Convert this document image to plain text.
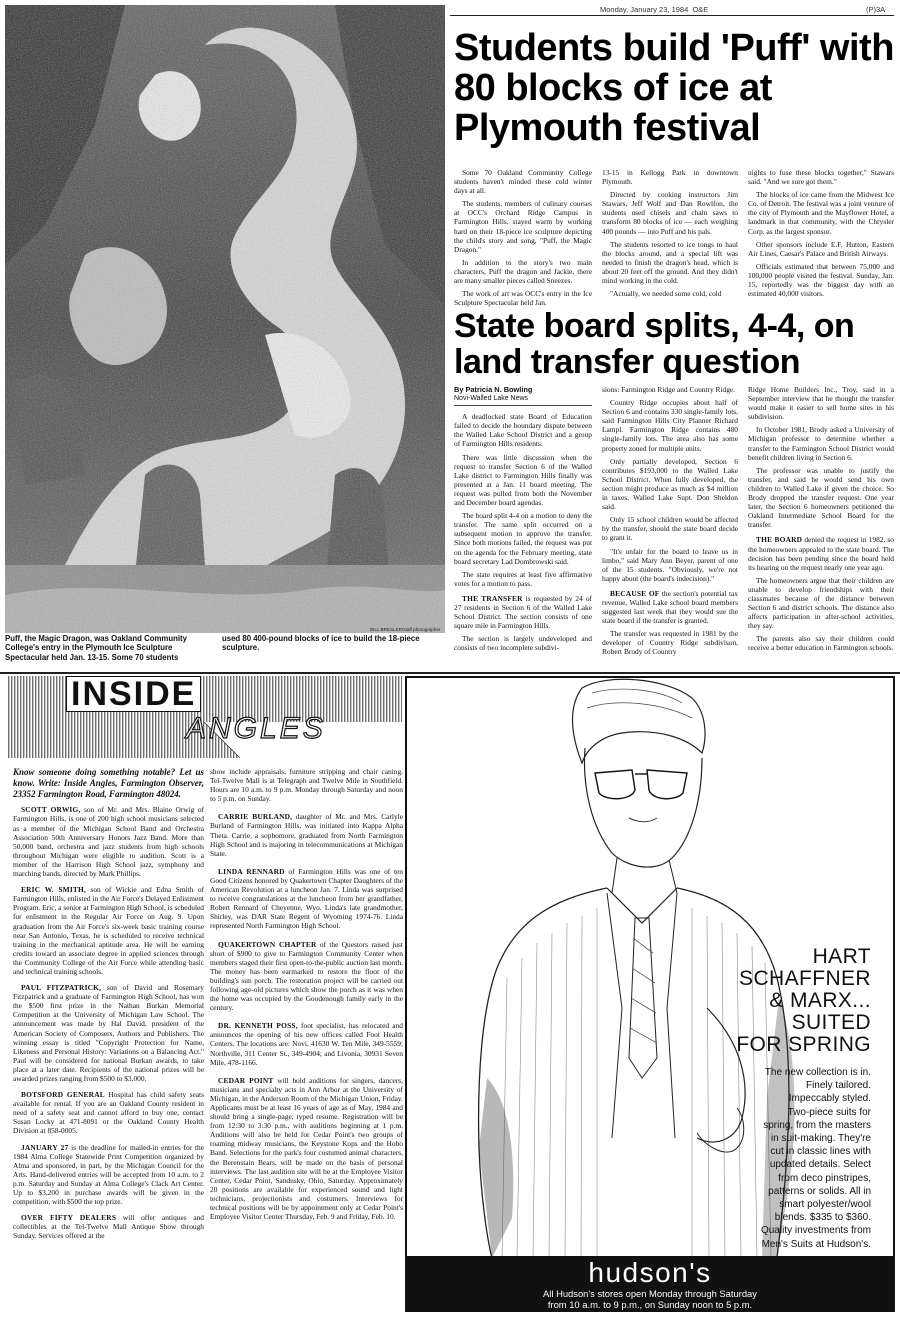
Monday, January 23, 1984 O&E	(P)3A
BILL BRESLER/staff photographer
Puff, the Magic Dragon, was Oakland Community College's entry in the Plymouth Ice Sculpture Spectacular held Jan. 13-15. Some 70 students
used 80 400-pound blocks of ice to build the 18-piece sculpture.
Students build 'Puff' with 80 blocks of ice at Plymouth festival

Some 70 Oakland Community College students haven't minded these cold winter days at all.

The students, members of culinary courses at OCC's Orchard Ridge Campus in Farmington Hills, stayed warm by working hard on their 18-piece ice sculpture depicting the child's story and song, "Puff, the Magic Dragon."

In addition to the story's two main characters, Puff the dragon and Jackie, there are many smaller pieces called Sneezes.

The work of art was OCC's entry in the Ice Sculpture Spectacular held Jan.

13-15 in Kellogg Park in downtown Plymouth.

Directed by cooking instructors Jim Stawars, Jeff Wolf and Dan Rowlfon, the students used chisels and chain saws to transform 80 blocks of ice — each weighing 400 pounds — into Puff and his pals.

The students resorted to ice tongs to haul the blocks around, and a special lift was needed to finish the dragon's head, which is about 20 feet off the ground. And they didn't mind working in the cold.

"Actually, we needed some cold, cold

nights to fuse these blocks together," Stawars said. "And we sure got them."

The blocks of ice came from the Midwest Ice Co. of Detroit. The festival was a joint venture of the city of Plymouth and the Mayflower Hotel, a landmark in that community, with the Chrysler Corp. as the largest sponsor.

Other sponsors include E.F. Hutton, Eastern Air Lines, Caesar's Palace and British Airways.

Officials estimated that between 75,000 and 100,000 people visited the festival. Sunday, Jan. 15, reportedly was the biggest day with an estimated 40,000 visitors.

State board splits, 4-4, on land transfer question
By Patricia N. Bowling
Novi-Walled Lake News

A deadlocked state Board of Education failed to decide the boundary dispute between the Walled Lake School District and a group of Farmington Hills residents.

There was little discussion when the request to transfer Section 6 of the Walled Lake district to Farmington Hills finally was presented at a Jan. 11 board meeting. The request was pulled from both the November and December board agendas.

The board split 4-4 on a motion to deny the transfer. The same split occurred on a subsequent motion to approve the transfer. Since both motions failed, the request was put on the agenda for the February meeting, state board secretary Lad Dombrowski said.

The state requires at least five affirmative votes for a motion to pass.

THE TRANSFER is requested by 24 of 27 residents in Section 6 of the Walled Lake School District. The section consists of one square mile in Farmington Hills.

The section is largely undeveloped and consists of two incomplete subdivi-

sions: Farmington Ridge and Country Ridge.

Country Ridge occupies about half of Section 6 and contains 330 single-family lots, said Farmington Hills City Planner Richard Lampl. Farmington Ridge contains 480 single-family lots. The area also has some property zoned for multiple units.

Only partially developed, Section 6 contributes $193,000 to the Walled Lake School District. When fully developed, the section might produce as much as $4 million in taxes, Walled Lake Supt. Don Sheldon said.

Only 15 school children would be affected by the transfer, should the state board decide to grant it.

"It's unfair for the board to leave us in limbo," said Mary Ann Beyer, parent of one of the 15 students. "Obviously, we're not happy about (the board's indecision)."

BECAUSE OF the section's potential tax revenue, Walled Lake school board members suggested last week that they would sue the state board if the transfer is granted.

The transfer was requested in 1981 by the developer of Country Ridge subdivison, Robert Brody of Country

Ridge Home Builders Inc., Troy, said in a September interview that he thought the transfer would make it easier to sell home sites in his subdivision.

In October 1981, Brody asked a University of Michigan professor to determine whether a transfer to the Farmington School District would benefit children living in Section 6.

The professor was unable to justify the transfer, and said he would send his own children to Walled Lake if given the choice. So Brody dropped the transfer request. One year later, the Section 6 homeowners petitioned the Oakland Intermediate School Board for the transfer.

THE BOARD denied the request in 1982, so the homeowners appealed to the state board. The decision has been pending since the board held its hearing on the request nearly one year ago.

The homeowners argue that their children are unable to develop friendships with their classmates because of the distance between Section 6 and district schools. The distance also affects participation in after-school activities, they say.

The parents also say their children could receive a better education in Farmington schools.

INSIDE
ANGLES

Know someone doing something notable? Let us know. Write: Inside Angles, Farmington Observer, 23352 Farmington Road, Farmington 48024.

SCOTT ORWIG, son of Mr. and Mrs. Blaine Orwig of Farmington Hills, is one of 200 high school musicians selected as a member of the Michigan School Band and Orchestra Association 50th Anniversary Honors Jazz Band. More than 50,000 band, orchestra and jazz students from high schools throughout Michigan were eligible to audition. Scott is a member of the Harrison High School jazz, symphony and marching bands, directed by Mark Phillips.

ERIC W. SMITH, son of Wickie and Edna Smith of Farmington Hills, enlisted in the Air Force's Delayed Enlistment Program. Eric, a senior at Farmington High School, is scheduled for enlistment in the Regular Air Force on Aug. 9. Upon graduation from the Air Force's six-week basic training course near San Antonio, Texas, he is scheduled to receive technical training in the mechanical aptitude area. He will be earning credits toward an associate degree in applied sciences through the Community College of the Air Force while attending basic and technical training schools.

PAUL FITZPATRICK, son of David and Rosemary Fitzpatrick and a graduate of Farmington High School, has won the $500 first prize in the Nathan Burkan Memorial Competition at the University of Michigan Law School. The announcement was made by Hal David, president of the American Society of Composers, Authors and Publishers. The winning essay is titled "Copyright Protection for Name, Likeness and Personal History: Variations on a Balancing Act." Paul will be considered for national Burkan awards, to take place at a later date. Recipients of the national prizes will be awarded prizes ranging from $500 to $3,000.

BOTSFORD GENERAL Hospital has child safety seats available for rental. If you are an Oakland County resident in need of a safety seat and cannot afford to buy one, contact Susan Locky at 471-8091 or the Oakland County Health Division at 858-0005.

JANUARY 27 is the deadline for mailed-in entries for the 1984 Alma College Statewide Print Competition organized by Alma and sponsored, in part, by the Michigan Council for the Arts. Hand-delivered entries will be accepted from 10 a.m. to 2 p.m. Saturday and Sunday at Alma College's Clack Art Center. Up to $3,200 in purchase awards will be given in the competition, with $500 the top prize.

OVER FIFTY DEALERS will offer antiques and collectibles at the Tel-Twelve Mall Antique Show through Sunday. Services offered at the

show include appraisals, furniture stripping and chair caning. Tel-Twelve Mall is at Telegraph and Twelve Mile in Southfield. Hours are 10 a.m. to 9 p.m. Monday through Saturday and noon to 5 p.m. on Sunday.

CARRIE BURLAND, daughter of Mr. and Mrs. Carlyle Burland of Farmington Hills, was initiated into Kappa Alpha Theta. Carrie, a sophomore, graduated from North Farmington High School and is majoring in telecommunications at Michigan State.

LINDA RENNARD of Farmington Hills was one of ten Good Citizens honored by Quakertown Chapter Daughters of the American Revolution at a luncheon Jan. 7. Linda was surprised to receive congratulations at the luncheon from her grandfather, Robert Rennard of Cheyenne, Wyo. Linda's late grandmother, Shirley, was DAR State Regent of Wyoming 1974-76. Linda represented North Farmington High School.

QUAKERTOWN CHAPTER of the Questors raised just short of $900 to give to Farmington Community Center when members staged their first open-to-the-public auction last month. The money has been earmarked to restore the floor of the building's sun porch. The restoration project will be carried out following age-old pictures which show the porch as it was when the home was occupied by the Goodenough family early in the century.

DR. KENNETH POSS, foot specialist, has relocated and announces the opening of his new offices called Foot Health Centers. The locations are: Novi, 41630 W. Ten Mile, 349-5559; Northville, 311 Center St., 349-4904; and Livonia, 30931 Seven Mile, 478-1166.

CEDAR POINT will hold auditions for singers, dancers, musicians and specialty acts in Ann Arbor at the University of Michigan, in the Anderson Room of the Michigan Union, Friday. Applicants must be at least 16 years of age as of May, 1984 and should bring a single-page, typed resume. Registration will be from 12:30 to 3:30 p.m., with auditions beginning at 1 p.m. Auditions will also be held for Cedar Point's two groups of roaming midway musicians, the Keystone Kops and the Hobo Band. Selections for the park's four costumed animal characters, the Berenstain Bears, will be made on the basis of personal interviews. The last audition site will be at the Employee Visitor Center, Cedar Point, Sandusky, Ohio, Saturday. Approximately 20 positions are available for experienced sound and light technicians, projectionists and costumers. Interviews for technical positions will be by appointment only at Cedar Point's Employee Visitor Center Thursday, Feb. 9 and Friday, Feb. 10.

HART
SCHAFFNER
& MARX...
SUITED
FOR SPRING
The new collection is in.
Finely tailored.
Impeccably styled.
Two-piece suits for
spring, from the masters
in suit-making. They're
cut in classic lines with
updated details. Select
from deco pinstripes,
patterns or solids. All in
smart polyester/wool
blends. $335 to $360.
Quality investments from
Men's Suits at Hudson's.
hudson's
All Hudson's stores open Monday through Saturday
from 10 a.m. to 9 p.m., on Sunday noon to 5 p.m.
